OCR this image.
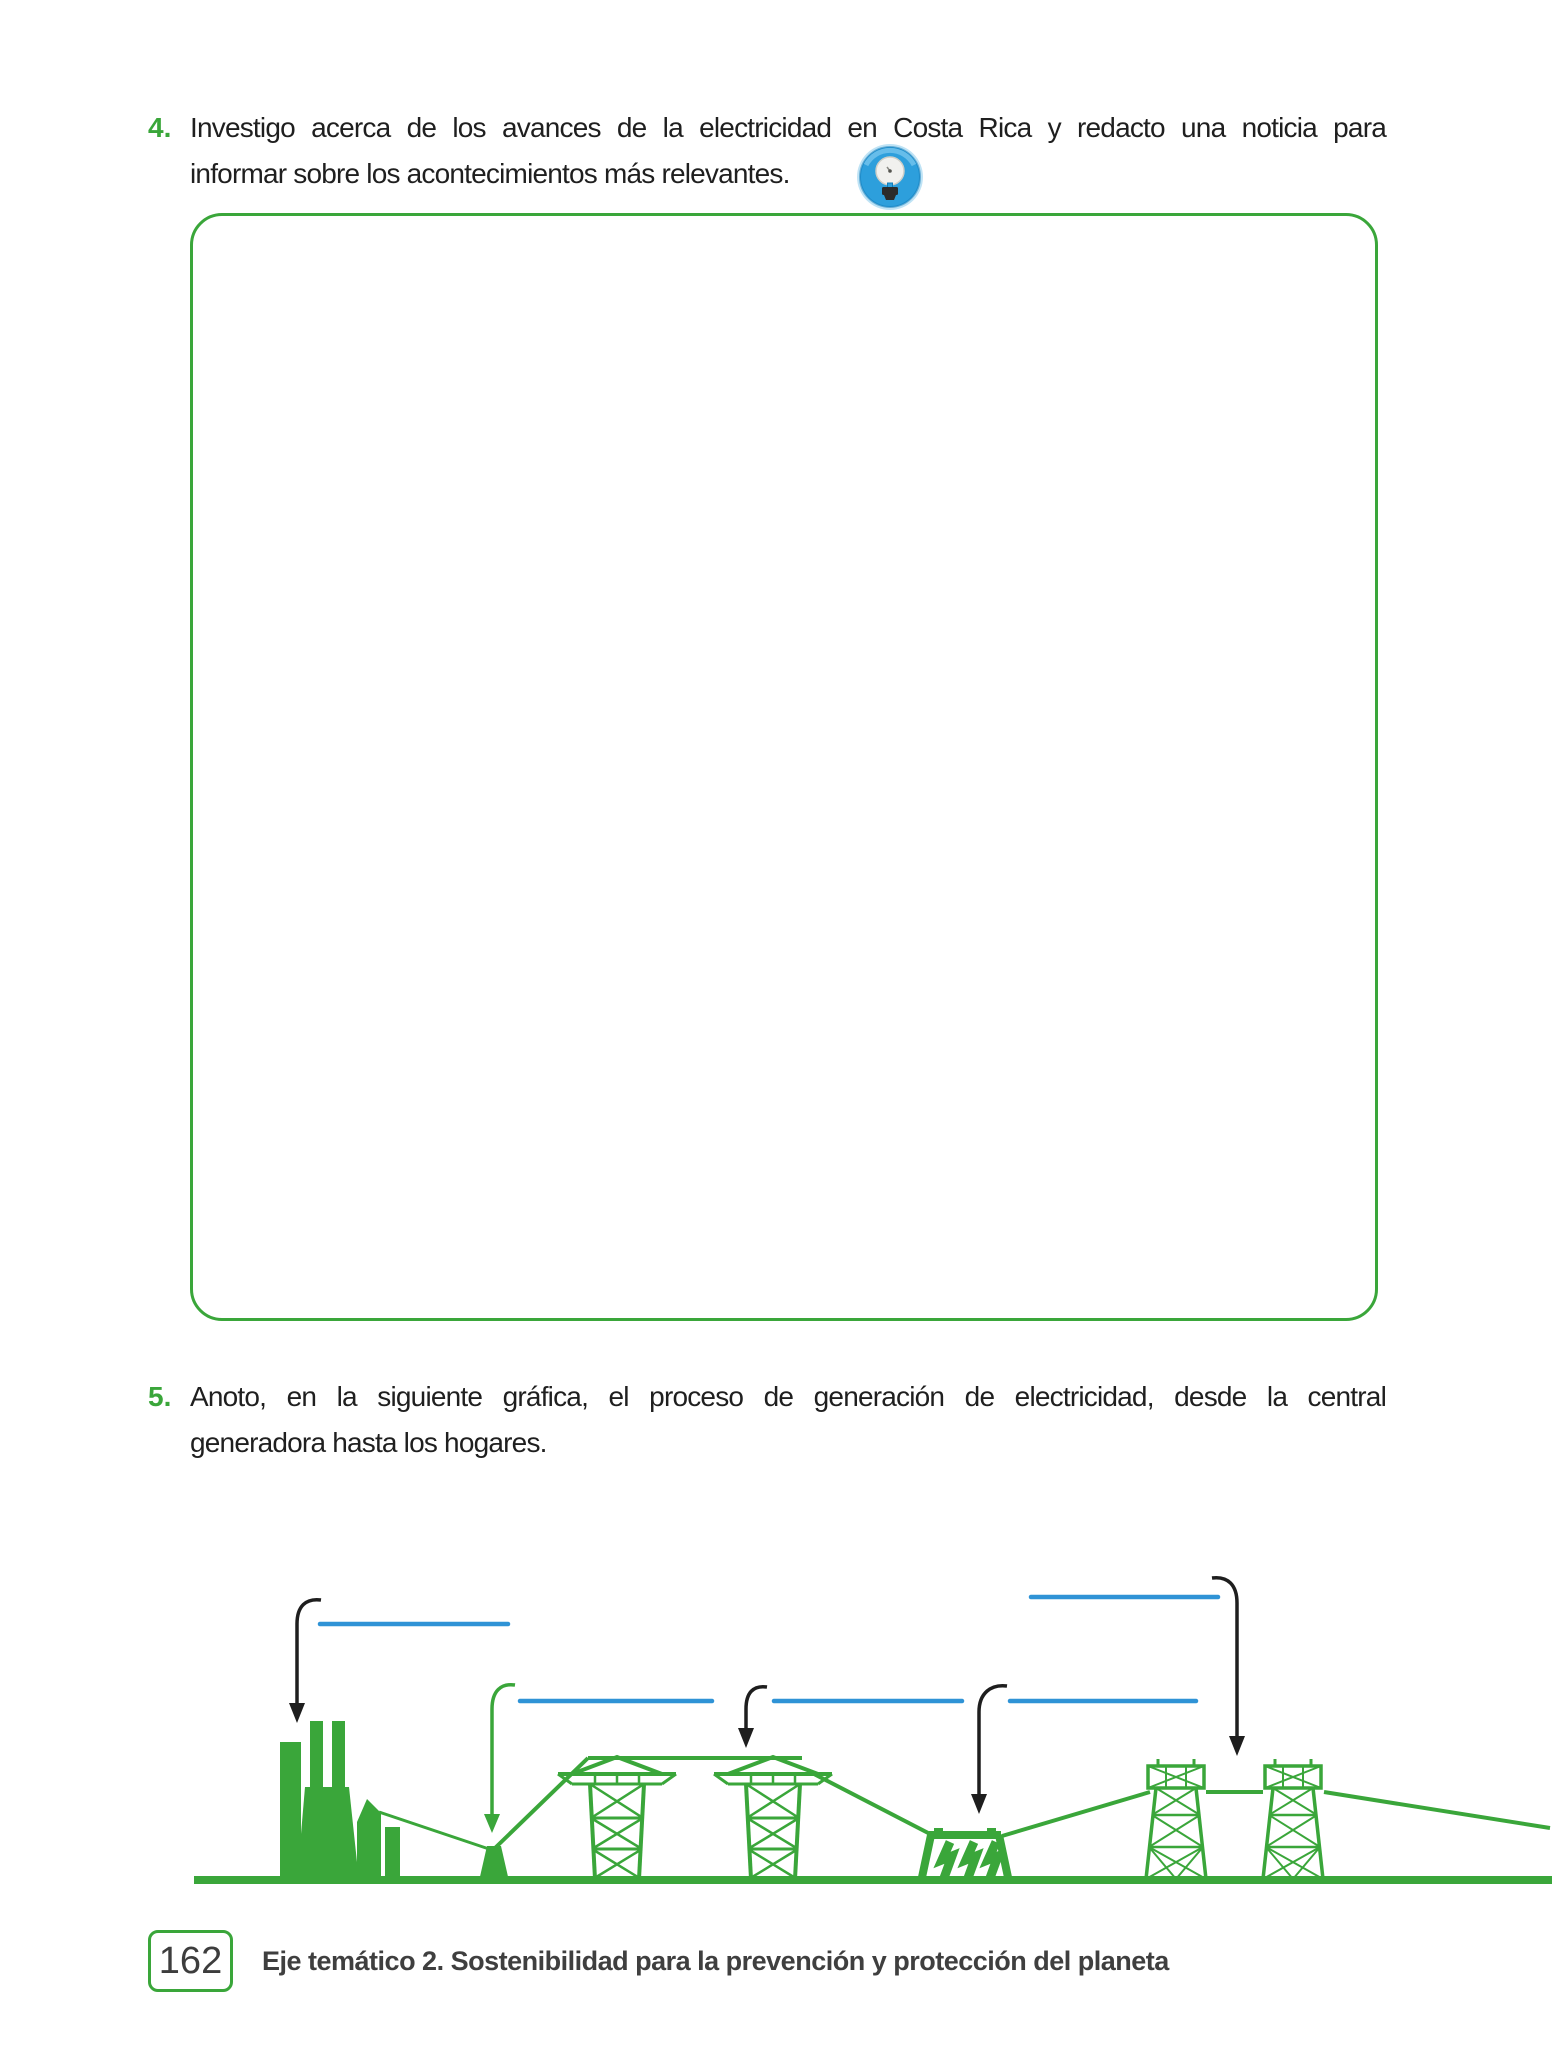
4. Investigo acerca de los avances de la electricidad en Costa Rica y redacto una noticia para
informar sobre los acontecimientos más relevantes.
5. Anoto, en la siguiente gráfica, el proceso de generación de electricidad, desde la central
generadora hasta los hogares.
162 Eje temático 2. Sostenibilidad para la prevención y protección del planeta
